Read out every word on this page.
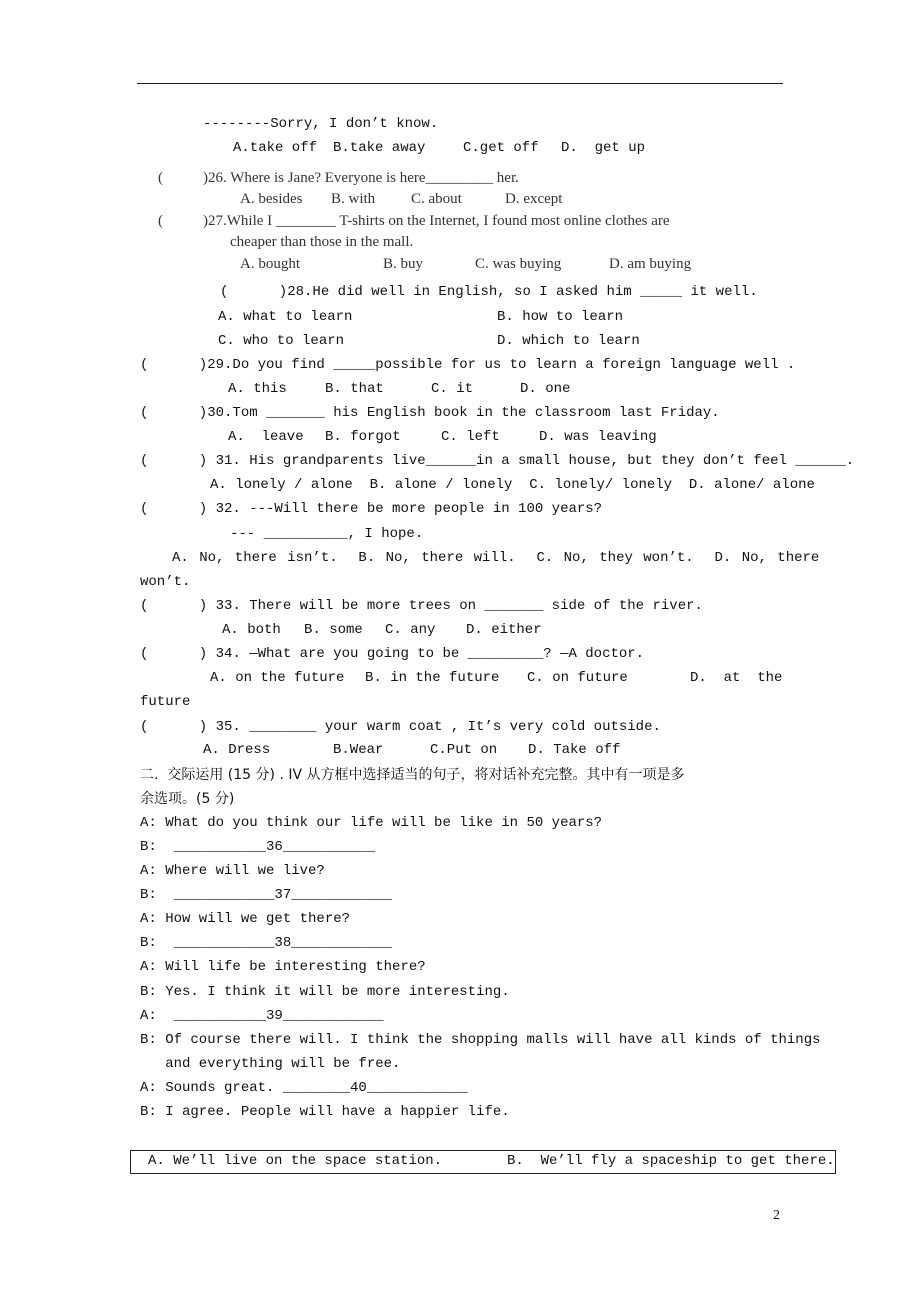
--------Sorry, I don’t know.
A.take off B.take away	C.get off D.  get up
(	)26. Where is Jane? Everyone is here_________ her.
A. besides B. with C. about	D. except
(	)27.While I ________ T-shirts on the Internet, I found most online clothes are
cheaper than those in the mall.
A. bought	B. buy	C. was buying	D. am buying
(      )28.He did well in English, so I asked him _____ it well.
A. what to learn	B. how to learn
C. who to learn	D. which to learn
(      )29.Do you find _____possible for us to learn a foreign language well .
A. this	B. that	C. it	D. one
(      )30.Tom _______ his English book in the classroom last Friday.
A.  leave B. forgot	C. left	D. was leaving
(      ) 31. His grandparents live______in a small house, but they don’t feel ______.
A. lonely / alone  B. alone / lonely  C. lonely/ lonely  D. alone/ alone
(      ) 32. ---Will there be more people in 100 years?
--- __________, I hope.
A. No, there isn’t.  B. No, there will.  C. No, they won’t.  D. No, there
won’t.
(      ) 33. There will be more trees on _______ side of the river.
A. both B. some C. any D. either
(      ) 34. —What are you going to be _________? —A doctor.
A. on the future B. in the future C. on future	D.  at  the
future
(      ) 35. ________ your warm coat , It’s very cold outside.
A. Dress	B.Wear	C.Put on D. Take off
二.  交际运用 (15 分) . IV 从方框中选择适当的句子，将对话补充完整。其中有一项是多
余选项。(5 分)
A: What do you think our life will be like in 50 years?
B:  ___________36___________
A: Where will we live?
B:  ____________37____________
A: How will we get there?
B:  ____________38____________
A: Will life be interesting there?
B: Yes. I think it will be more interesting.
A:  ___________39____________
B: Of course there will. I think the shopping malls will have all kinds of things
and everything will be free.
A: Sounds great. ________40____________
B: I agree. People will have a happier life.
A. We’ll live on the space station.	B.  We’ll fly a spaceship to get there.
2
